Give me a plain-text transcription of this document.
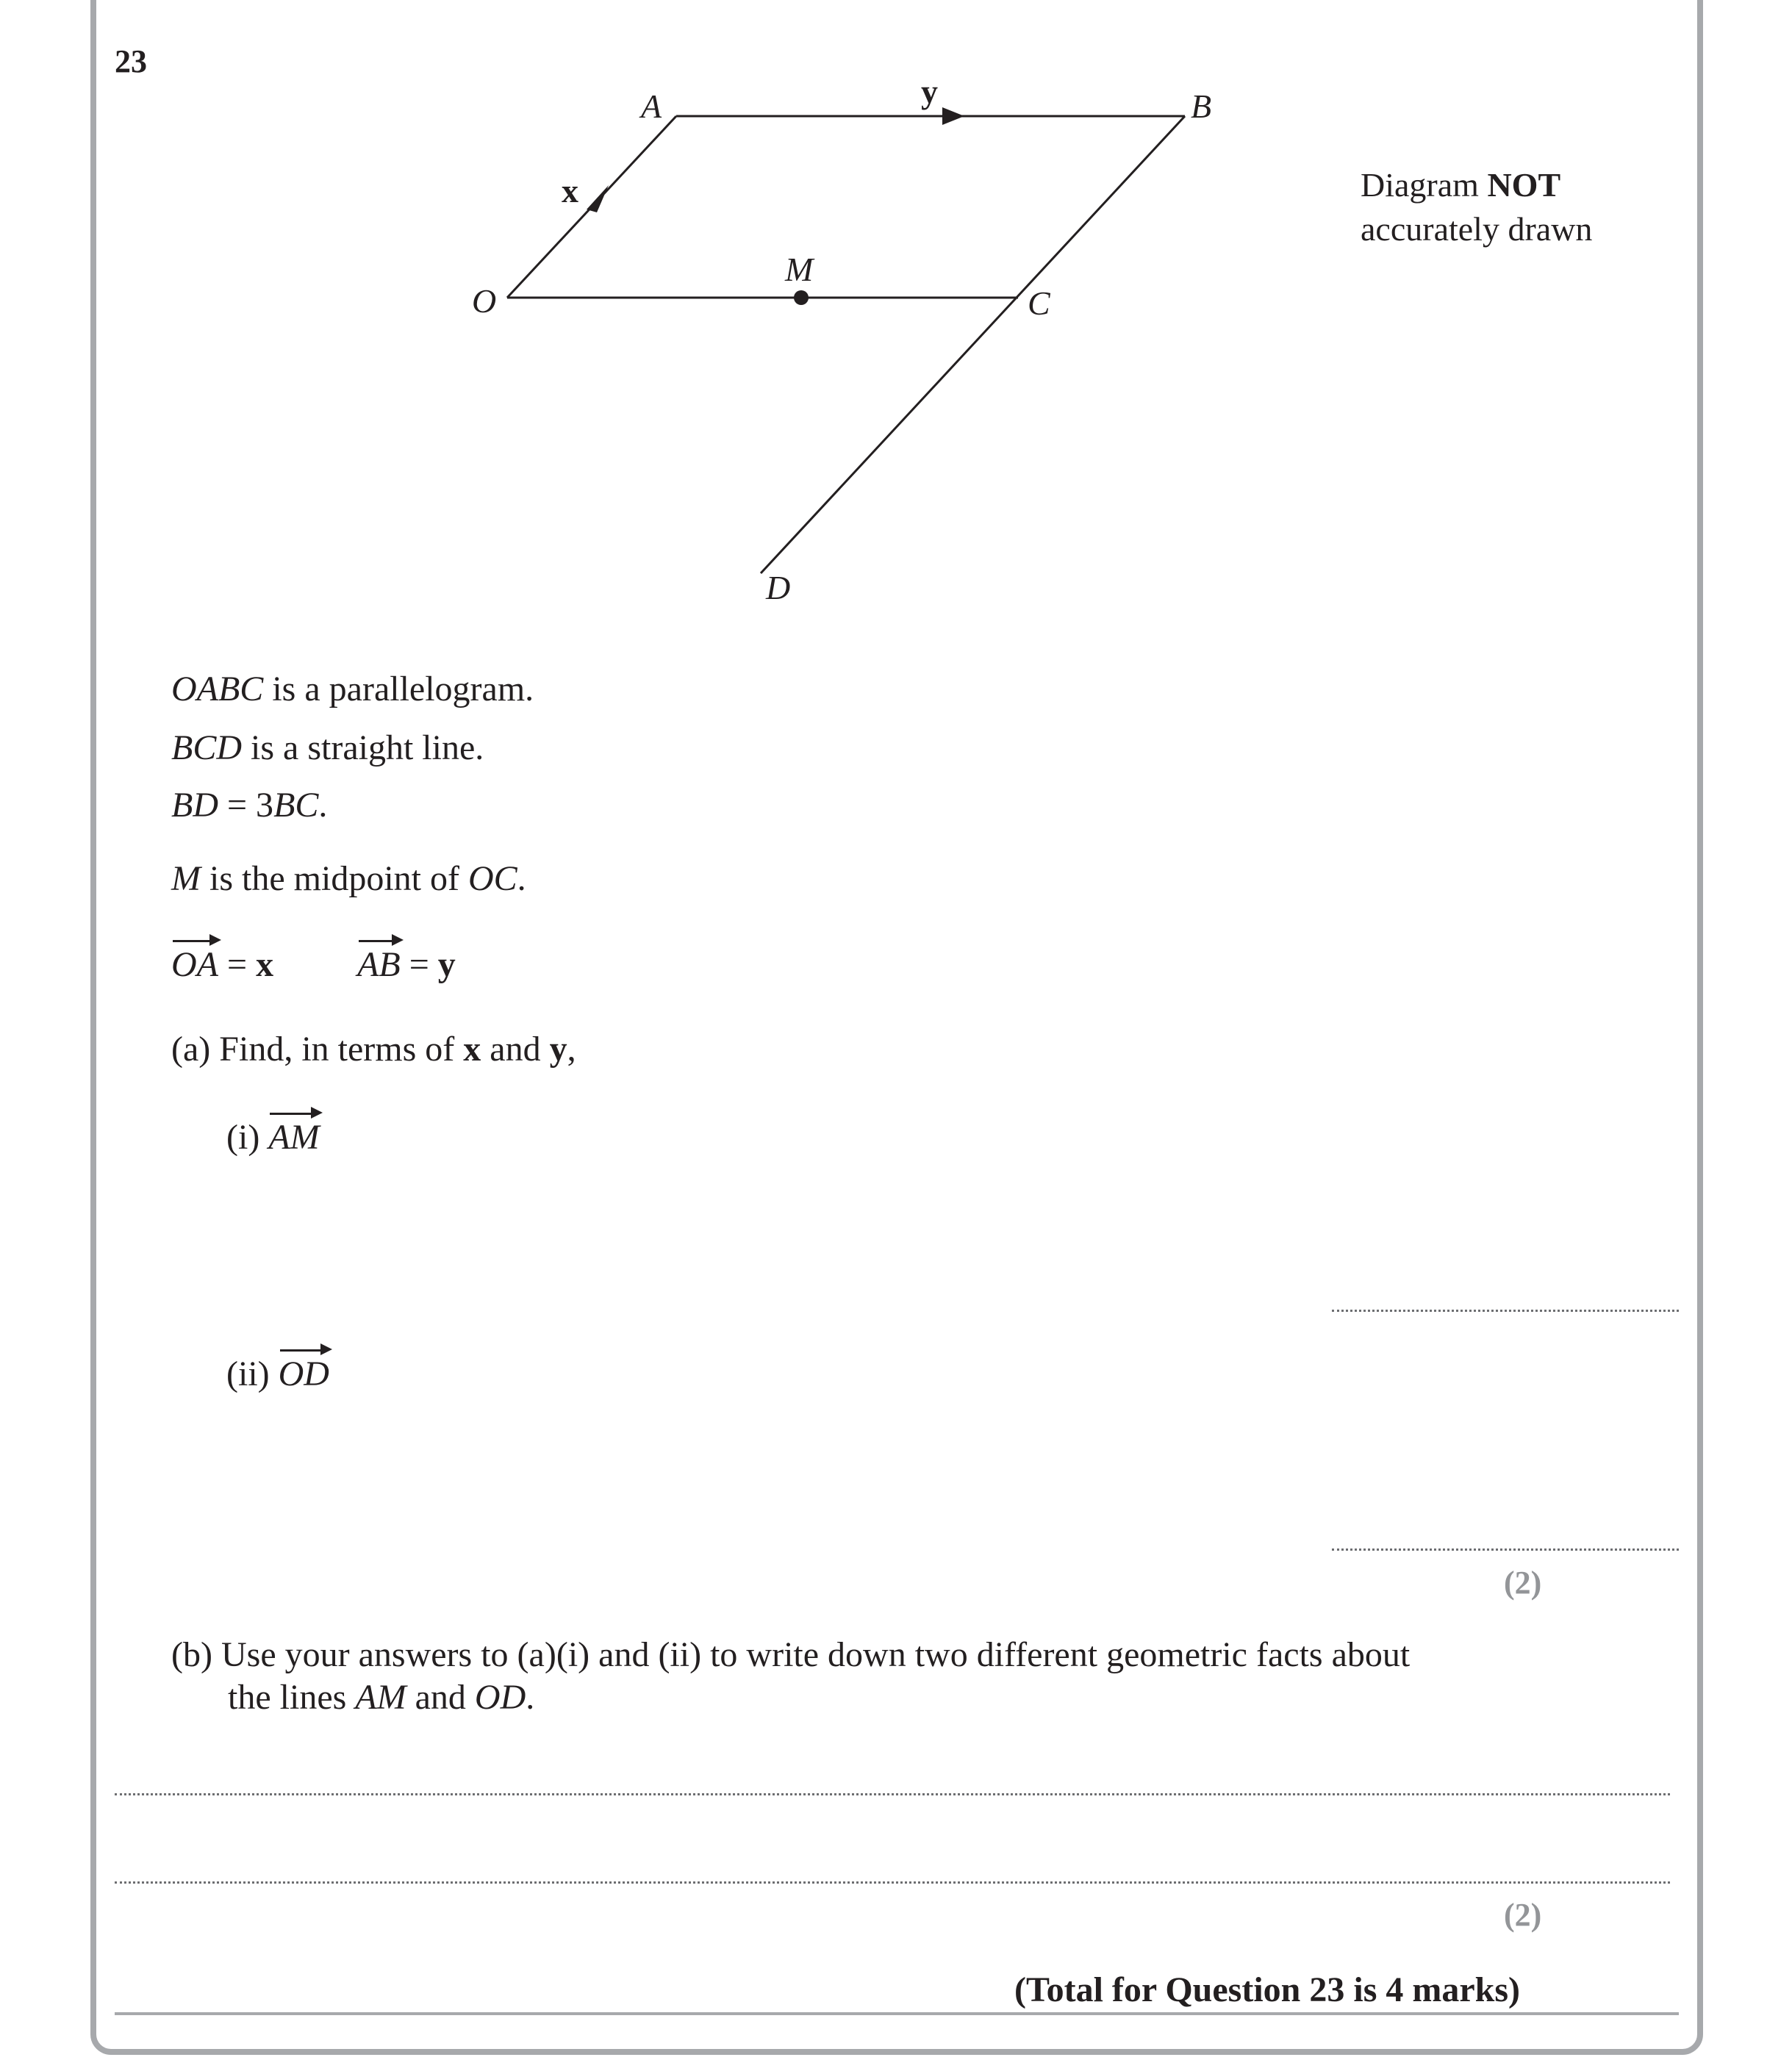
23
A	B
O	C
M
D
x
y
Diagram NOT
accurately drawn
OABC is a parallelogram.
BCD is a straight line.
BD = 3BC.
M is the midpoint of OC.
OA = x AB = y
(a) Find, in terms of x and y,
(i) AM
(ii) OD
(2)
(b) Use your answers to (a)(i) and (ii) to write down two different geometric facts about
the lines AM and OD.
(2)
(Total for Question 23 is 4 marks)
